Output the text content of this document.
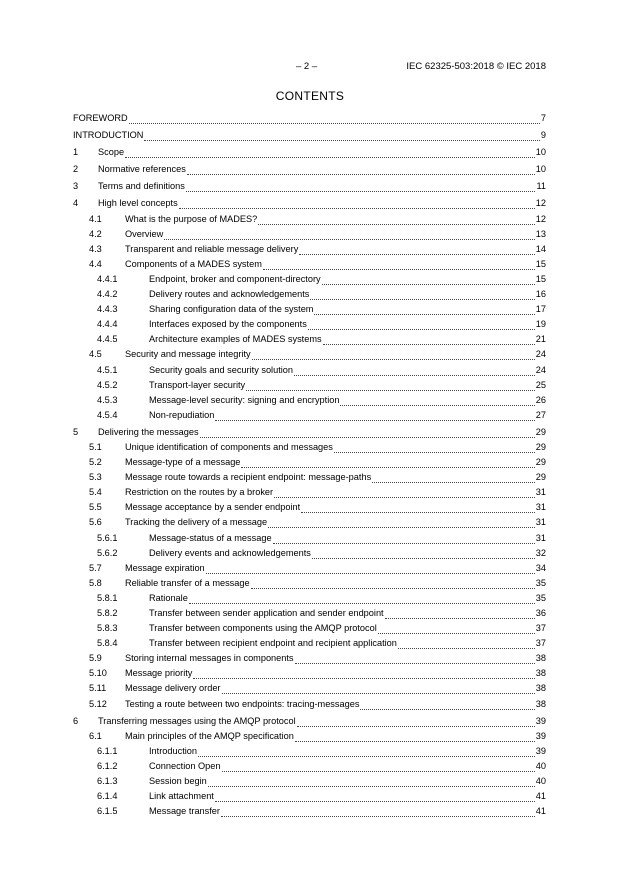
– 2 –	IEC 62325-503:2018 © IEC 2018
CONTENTS
FOREWORD	7
INTRODUCTION	9
1	Scope	10
2	Normative references	10
3	Terms and definitions	11
4	High level concepts	12
4.1	What is the purpose of MADES?	12
4.2	Overview	13
4.3	Transparent and reliable message delivery	14
4.4	Components of a MADES system	15
4.4.1	Endpoint, broker and component-directory	15
4.4.2	Delivery routes and acknowledgements	16
4.4.3	Sharing configuration data of the system	17
4.4.4	Interfaces exposed by the components	19
4.4.5	Architecture examples of MADES systems	21
4.5	Security and message integrity	24
4.5.1	Security goals and security solution	24
4.5.2	Transport-layer security	25
4.5.3	Message-level security: signing and encryption	26
4.5.4	Non-repudiation	27
5	Delivering the messages	29
5.1	Unique identification of components and messages	29
5.2	Message-type of a message	29
5.3	Message route towards a recipient endpoint: message-paths	29
5.4	Restriction on the routes by a broker	31
5.5	Message acceptance by a sender endpoint	31
5.6	Tracking the delivery of a message	31
5.6.1	Message-status of a message	31
5.6.2	Delivery events and acknowledgements	32
5.7	Message expiration	34
5.8	Reliable transfer of a message	35
5.8.1	Rationale	35
5.8.2	Transfer between sender application and sender endpoint	36
5.8.3	Transfer between components using the AMQP protocol	37
5.8.4	Transfer between recipient endpoint and recipient application	37
5.9	Storing internal messages in components	38
5.10	Message priority	38
5.11	Message delivery order	38
5.12	Testing a route between two endpoints: tracing-messages	38
6	Transferring messages using the AMQP protocol	39
6.1	Main principles of the AMQP specification	39
6.1.1	Introduction	39
6.1.2	Connection Open	40
6.1.3	Session begin	40
6.1.4	Link attachment	41
6.1.5	Message transfer	41
